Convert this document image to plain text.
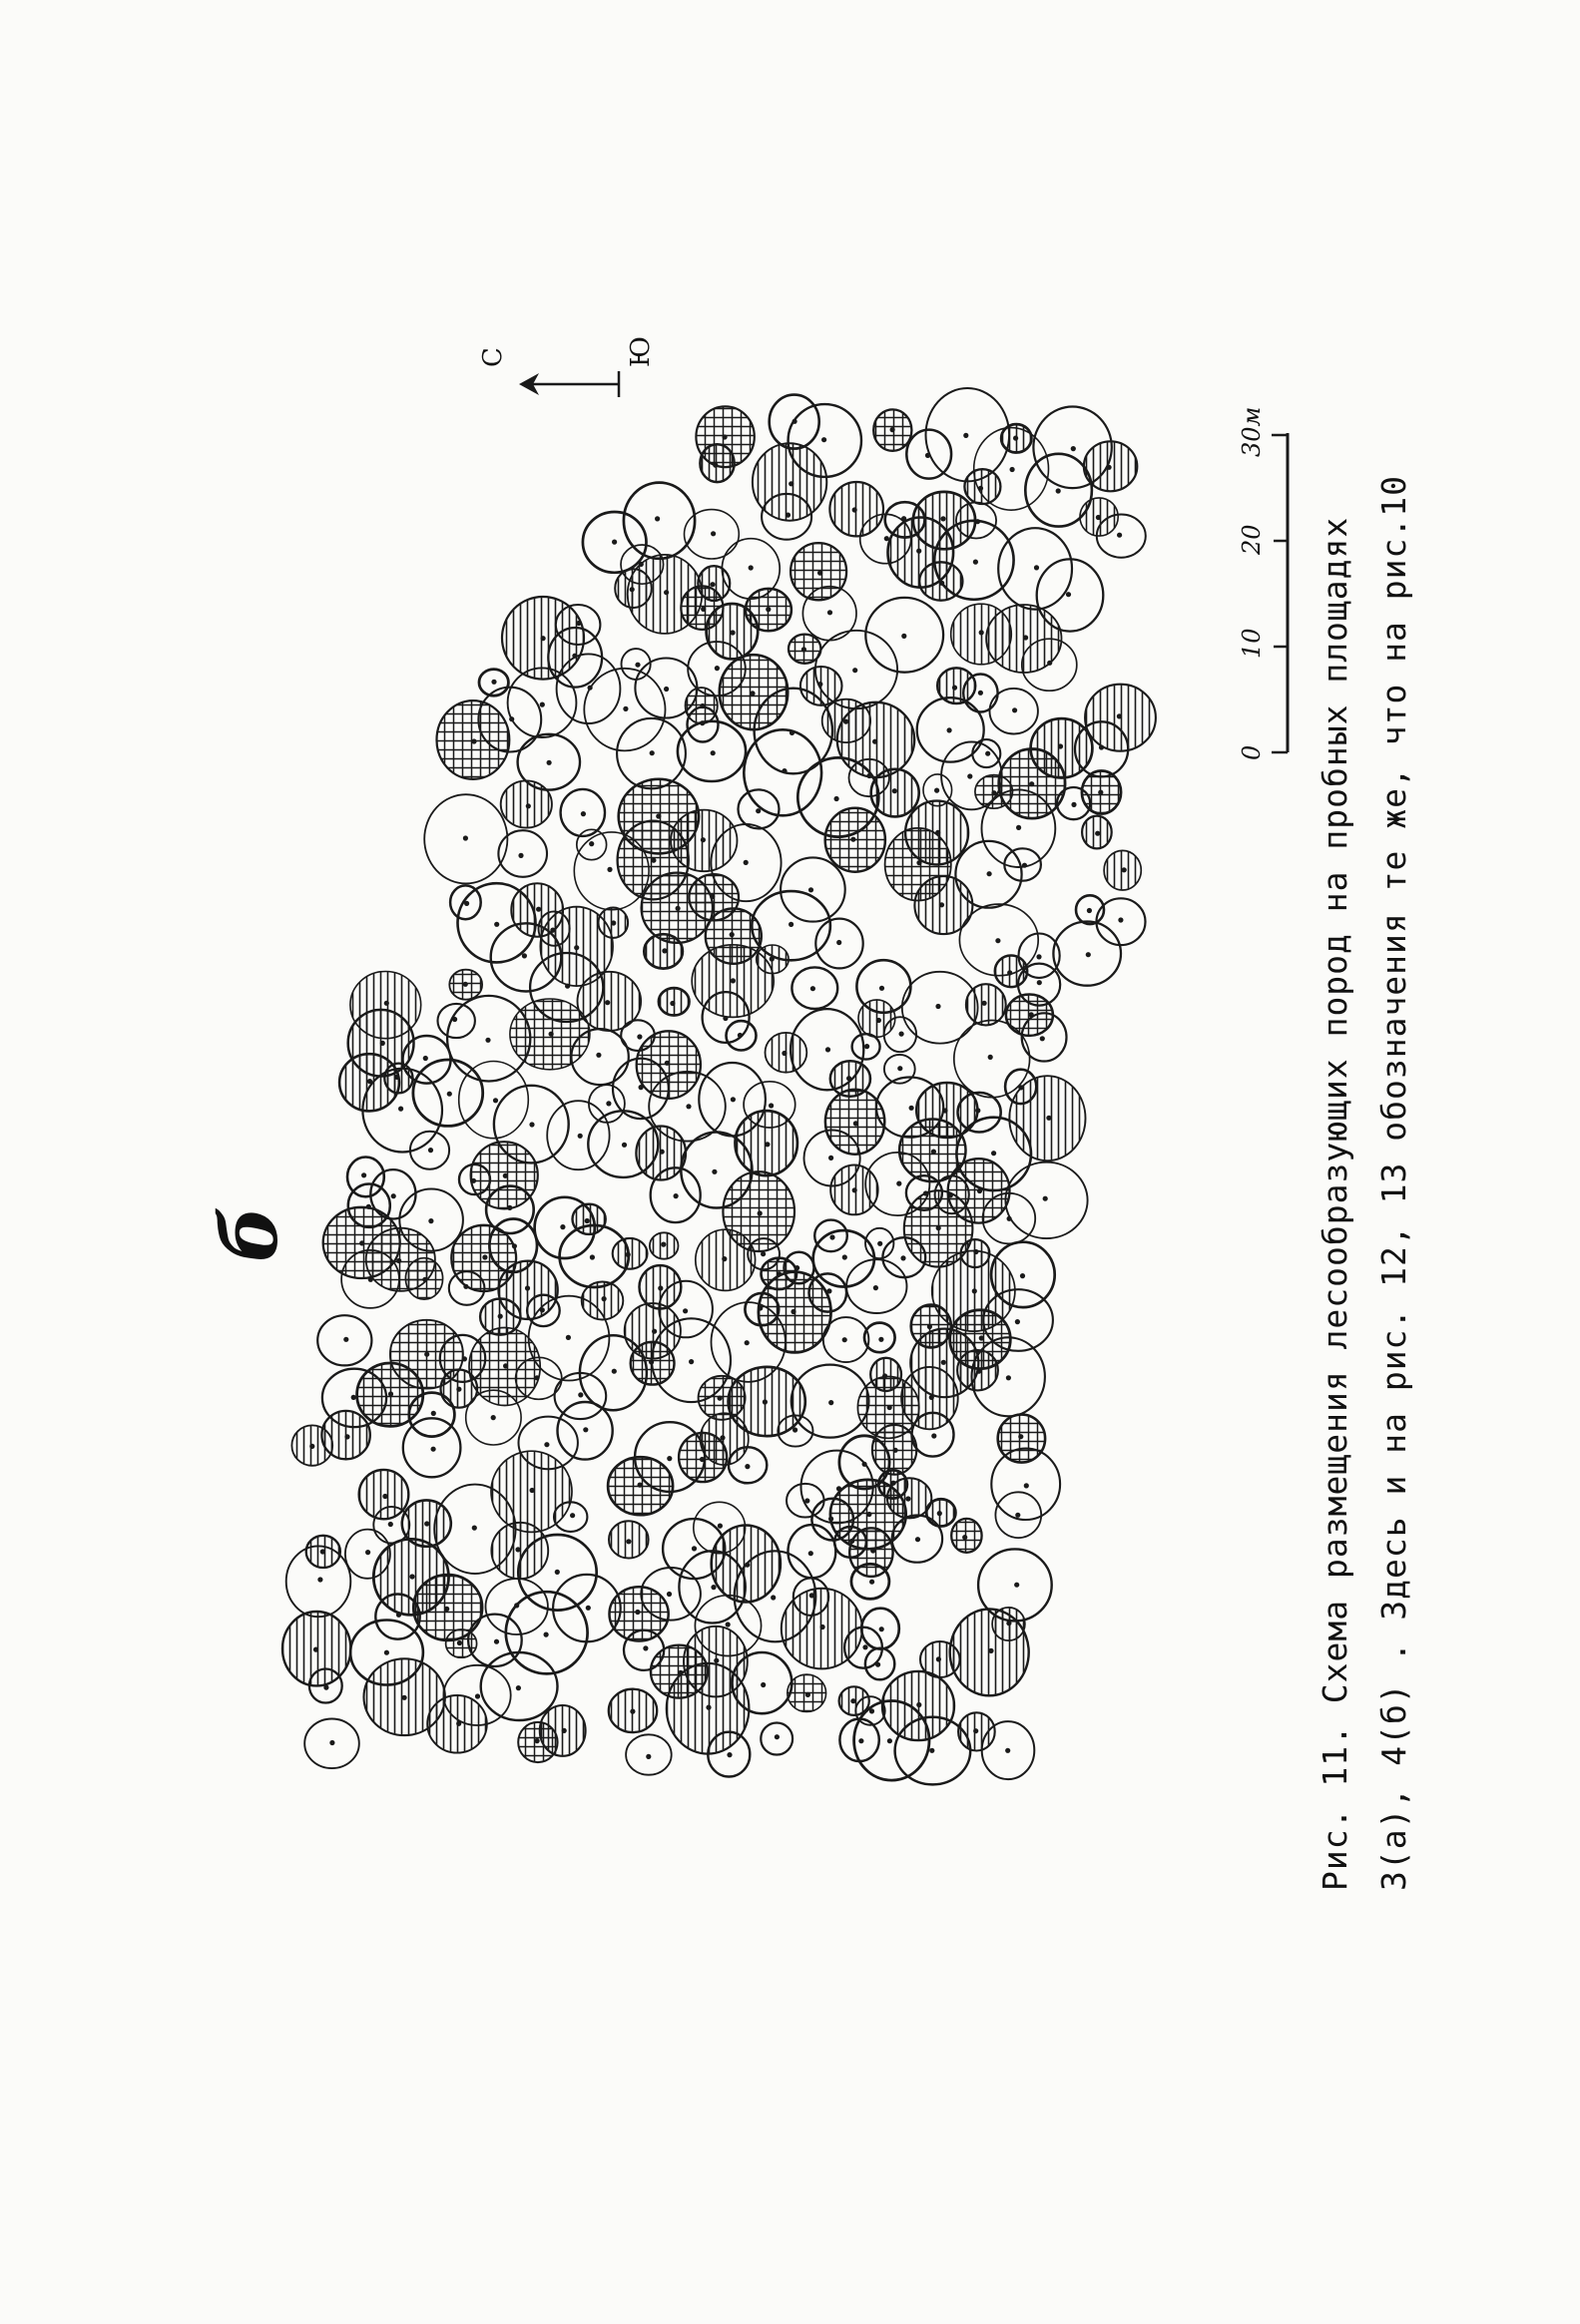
С	Ю
0
10
20
30м
б	Рис. 11. Схема размещения лесообразующих пород на пробных площадях 3(а), 4(б) . Здесь и на рис. 12, 13 обозначения те же, что на рис.10
